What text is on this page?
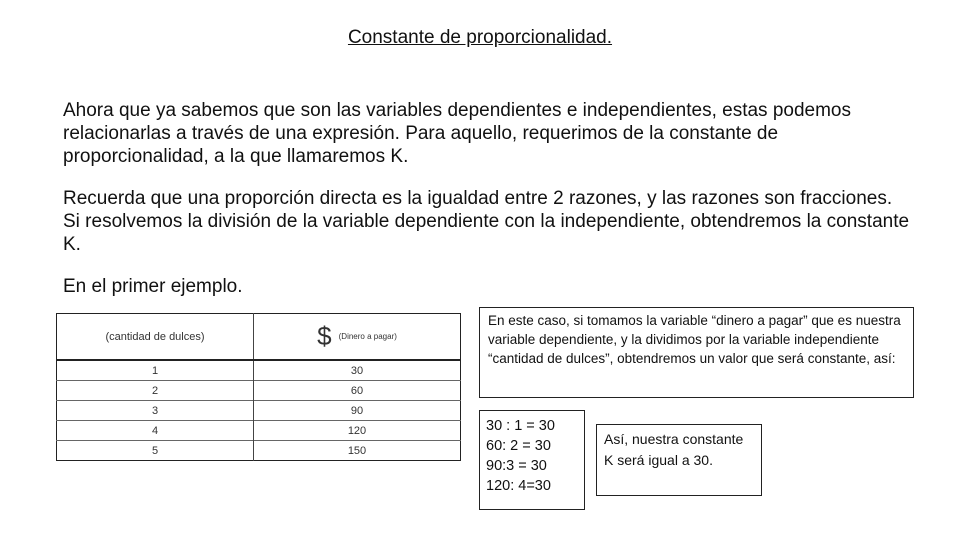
Constante de proporcionalidad.

Ahora que ya sabemos que son las variables dependientes e independientes, estas podemos relacionarlas a través de una expresión. Para aquello, requerimos de la constante de proporcionalidad, a la que llamaremos K.

Recuerda que una proporción directa es la igualdad entre 2 razones, y las razones son fracciones. Si resolvemos la división de la variable dependiente con la independiente, obtendremos la constante K.

En el primer ejemplo.

(cantidad de dulces)	$ (Dinero a pagar)
1	30
2	60
3	90
4	120
5	150
En este caso, si tomamos la variable “dinero a pagar” que es nuestra variable dependiente, y la dividimos por la variable independiente “cantidad de dulces”, obtendremos un valor que será constante, así:
30 : 1 = 30
60: 2 = 30
90:3 = 30
120: 4=30
Así, nuestra constante K será igual a 30.
